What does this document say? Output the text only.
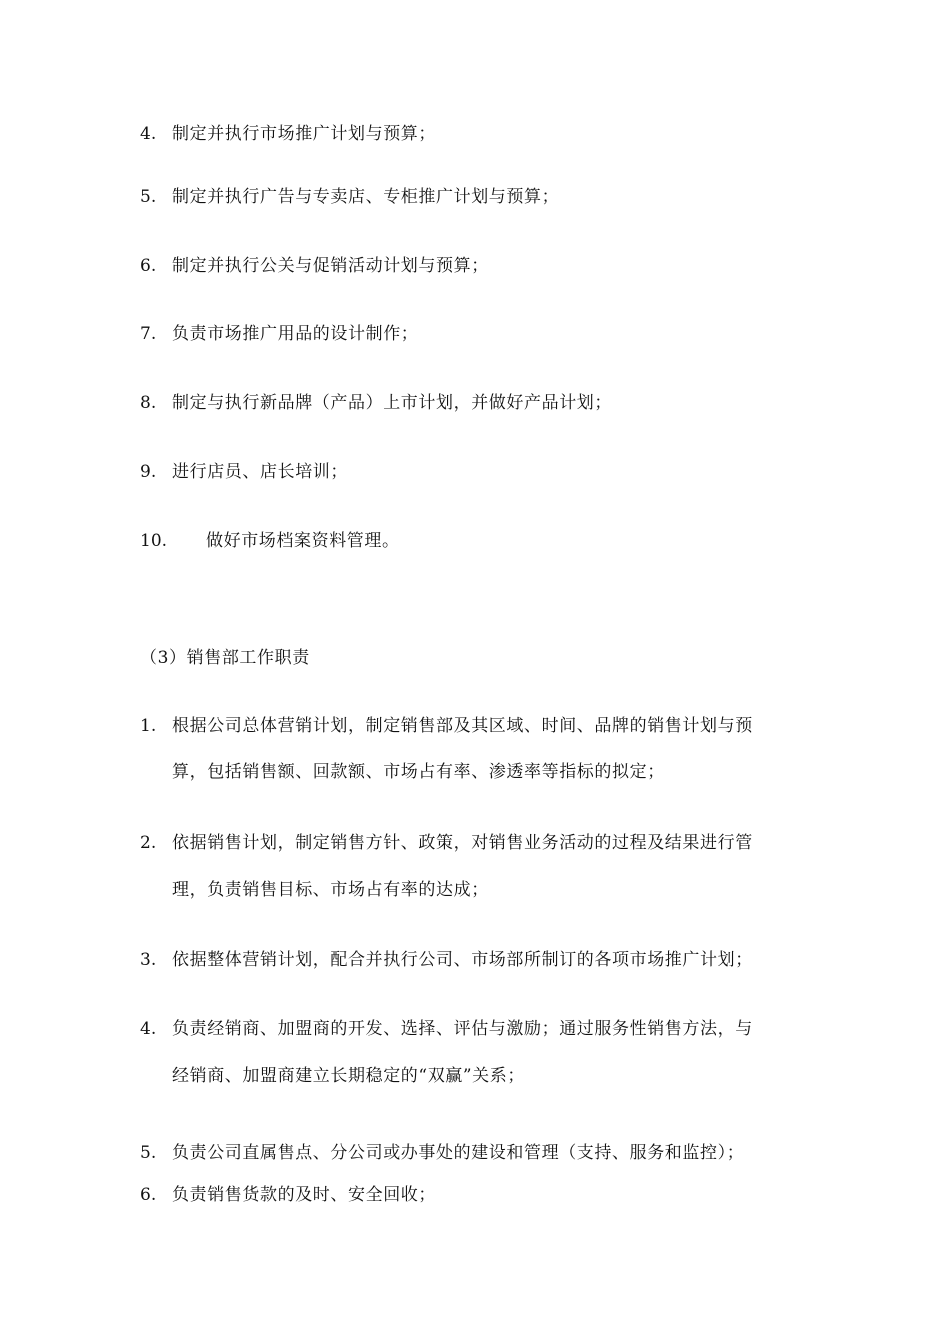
4. 制定并执行市场推广计划与预算；
5. 制定并执行广告与专卖店、专柜推广计划与预算；
6. 制定并执行公关与促销活动计划与预算；
7. 负责市场推广用品的设计制作；
8. 制定与执行新品牌（产品）上市计划，并做好产品计划；
9. 进行店员、店长培训；
10. 做好市场档案资料管理。
（3）销售部工作职责
1. 根据公司总体营销计划，制定销售部及其区域、时间、品牌的销售计划与预
算，包括销售额、回款额、市场占有率、渗透率等指标的拟定；
2. 依据销售计划，制定销售方针、政策，对销售业务活动的过程及结果进行管
理，负责销售目标、市场占有率的达成；
3. 依据整体营销计划，配合并执行公司、市场部所制订的各项市场推广计划；
4. 负责经销商、加盟商的开发、选择、评估与激励；通过服务性销售方法，与
经销商、加盟商建立长期稳定的“双赢”关系；
5. 负责公司直属售点、分公司或办事处的建设和管理（支持、服务和监控）；
6. 负责销售货款的及时、安全回收；
